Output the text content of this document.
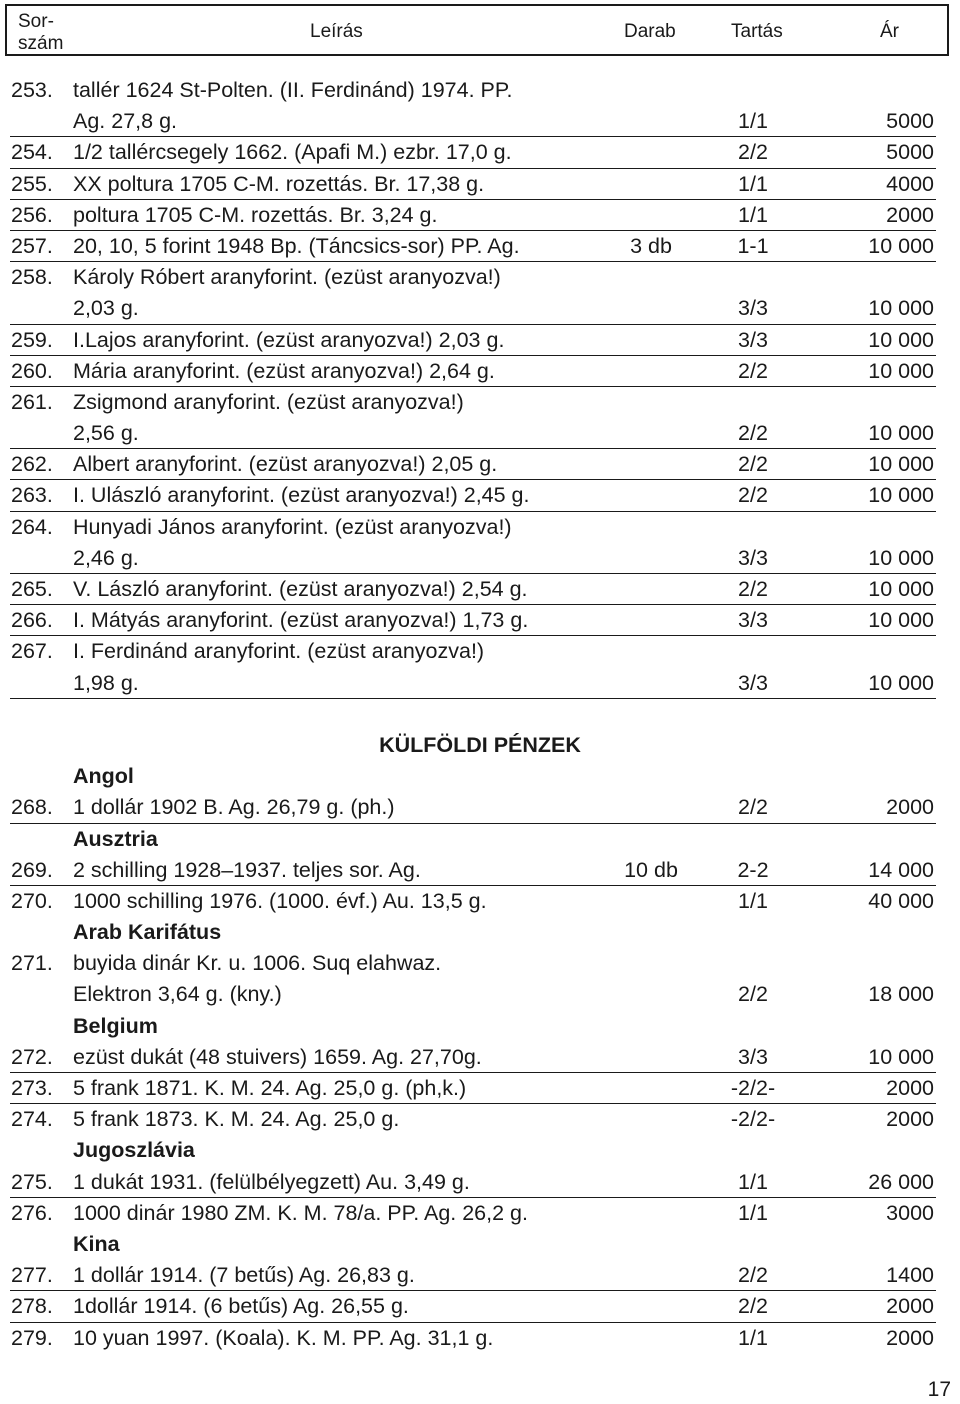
Sor-
szám
Leírás	Darab	Tartás	Ár
253. tallér 1624 St-Polten. (II. Ferdinánd) 1974. PP.
Ag. 27,8 g.	1/1	5000
254. 1/2 tallércsegely 1662. (Apafi M.) ezbr. 17,0 g.	2/2	5000
255. XX poltura 1705 C-M. rozettás. Br. 17,38 g.	1/1	4000
256. poltura 1705 C-M. rozettás. Br. 3,24 g.	1/1	2000
257. 20, 10, 5 forint 1948 Bp. (Táncsics-sor) PP. Ag.	3 db	1-1	10 000
258. Károly Róbert aranyforint. (ezüst aranyozva!)
2,03 g.	3/3	10 000
259. I.Lajos aranyforint. (ezüst aranyozva!) 2,03 g.	3/3	10 000
260. Mária aranyforint. (ezüst aranyozva!) 2,64 g.	2/2	10 000
261. Zsigmond aranyforint. (ezüst aranyozva!)
2,56 g.	2/2	10 000
262. Albert aranyforint. (ezüst aranyozva!) 2,05 g.	2/2	10 000
263. I. Ulászló aranyforint. (ezüst aranyozva!) 2,45 g.	2/2	10 000
264. Hunyadi János aranyforint. (ezüst aranyozva!)
2,46 g.	3/3	10 000
265. V. László aranyforint. (ezüst aranyozva!) 2,54 g.	2/2	10 000
266. I. Mátyás aranyforint. (ezüst aranyozva!) 1,73 g.	3/3	10 000
267. I. Ferdinánd aranyforint. (ezüst aranyozva!)
1,98 g.	3/3	10 000
KÜLFÖLDI PÉNZEK
Angol
268. 1 dollár 1902 B. Ag. 26,79 g. (ph.)	2/2	2000
Ausztria
269. 2 schilling 1928–1937. teljes sor. Ag.	10 db	2-2	14 000
270. 1000 schilling 1976. (1000. évf.) Au. 13,5 g.	1/1	40 000
Arab Karifátus
271. buyida dinár Kr. u. 1006. Suq elahwaz.
Elektron 3,64 g. (kny.)	2/2	18 000
Belgium
272. ezüst dukát (48 stuivers) 1659. Ag. 27,70g.	3/3	10 000
273. 5 frank 1871. K. M. 24. Ag. 25,0 g. (ph,k.)	-2/2-	2000
274. 5 frank 1873. K. M. 24. Ag. 25,0 g.	-2/2-	2000
Jugoszlávia
275. 1 dukát 1931. (felülbélyegzett) Au. 3,49 g.	1/1	26 000
276. 1000 dinár 1980 ZM. K. M. 78/a. PP. Ag. 26,2 g.	1/1	3000
Kina
277. 1 dollár 1914. (7 betűs) Ag. 26,83 g.	2/2	1400
278. 1dollár 1914. (6 betűs) Ag. 26,55 g.	2/2	2000
279. 10 yuan 1997. (Koala). K. M. PP. Ag. 31,1 g.	1/1	2000
17
